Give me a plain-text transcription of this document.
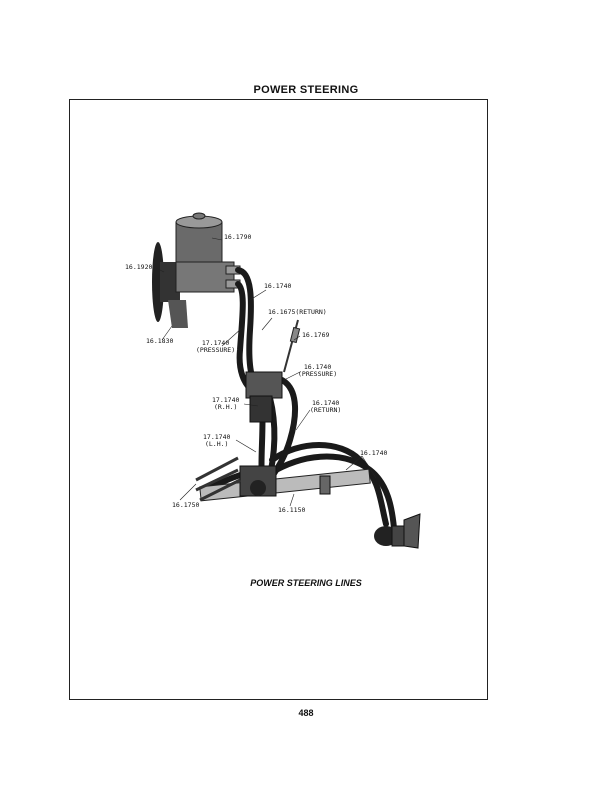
POWER STEERING
16.1790
16.1920
16.1740
16.1675(RETURN)
16.1769
16.1830	17.1740
(PRESSURE)
16.1740
(PRESSURE)
17.1740
(R.H.)	16.1740
(RETURN)
17.1740
(L.H.)
16.1740
16.1750
16.1150
POWER STEERING LINES
488
